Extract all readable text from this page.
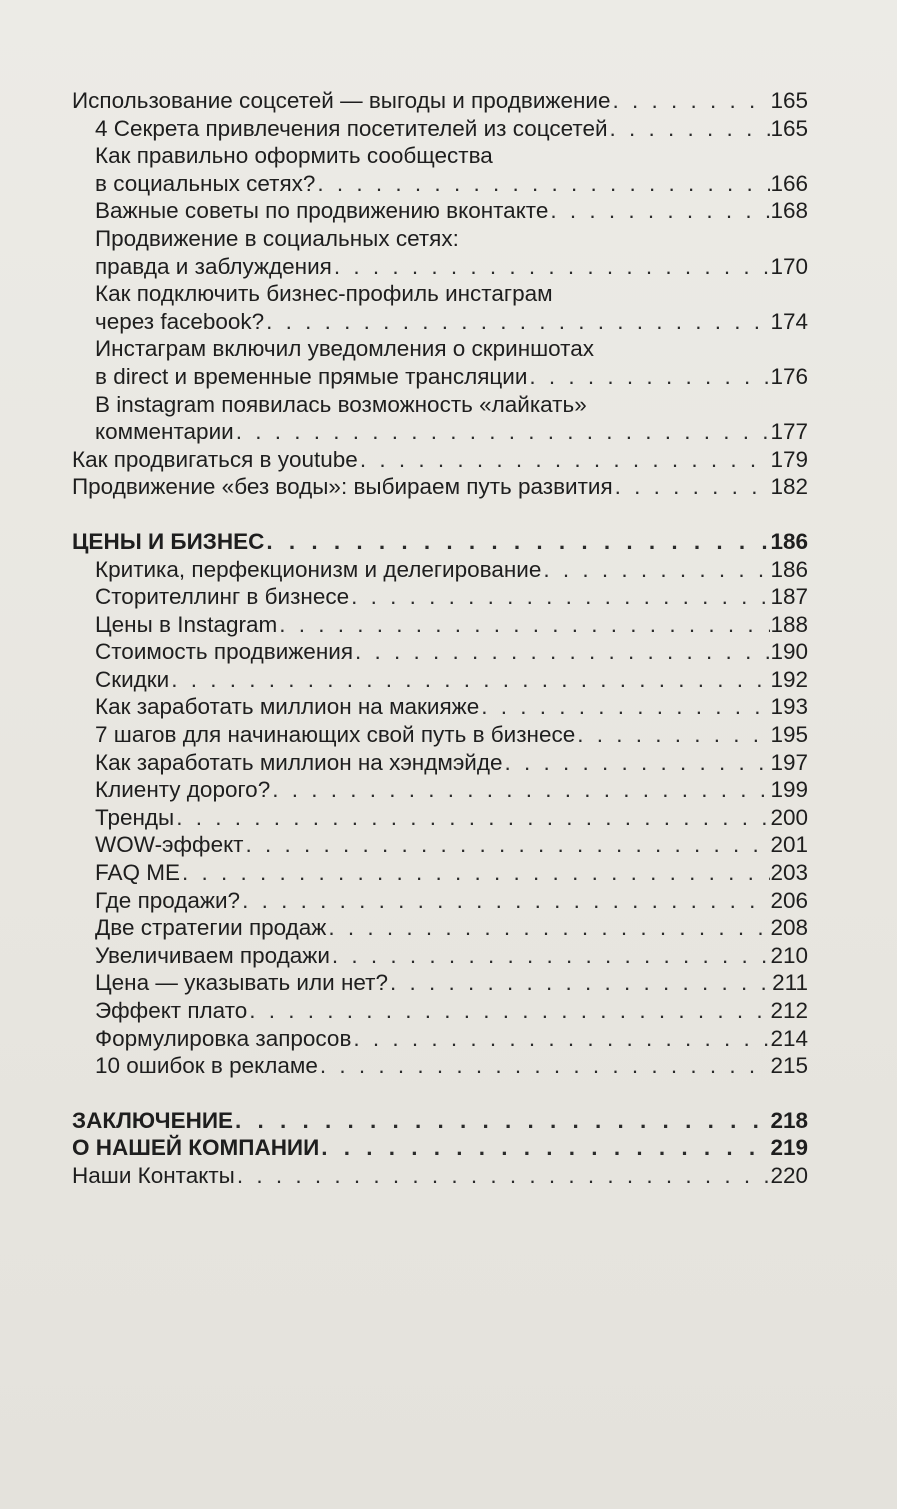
Использование соцсетей — выгоды и продвижение . . .	165
4 Секрета привлечения посетителей из соцсетей . . .	165
Как правильно оформить сообщества
в социальных сетях? . . .	166
Важные советы по продвижению вконтакте . . .	168
Продвижение в социальных сетях:
правда и заблуждения . . .	170
Как подключить бизнес-профиль инстаграм
через facebook? . . .	174
Инстаграм включил уведомления о скриншотах
в direct и временные прямые трансляции . . .	176
В instagram появилась возможность «лайкать»
комментарии . . .	177
Как продвигаться в youtube . . .	179
Продвижение «без воды»: выбираем путь развития . . .	182
ЦЕНЫ И БИЗНЕС . . .	186
Критика, перфекционизм и делегирование . . .	186
Сторителлинг в бизнесе . . .	187
Цены в Instagram . . .	188
Стоимость продвижения . . .	190
Скидки . . .	192
Как заработать миллион на макияже . . .	193
7 шагов для начинающих свой путь в бизнесе . . .	195
Как заработать миллион на хэндмэйде . . .	197
Клиенту дорого? . . .	199
Тренды . . .	200
WOW-эффект . . .	201
FAQ ME . . .	203
Где продажи? . . .	206
Две стратегии продаж . . .	208
Увеличиваем продажи . . .	210
Цена — указывать или нет? . . .	211
Эффект плато . . .	212
Формулировка запросов . . .	214
10 ошибок в рекламе . . .	215
ЗАКЛЮЧЕНИЕ . . .	218
О НАШЕЙ КОМПАНИИ . . .	219
Наши Контакты . . .	220
